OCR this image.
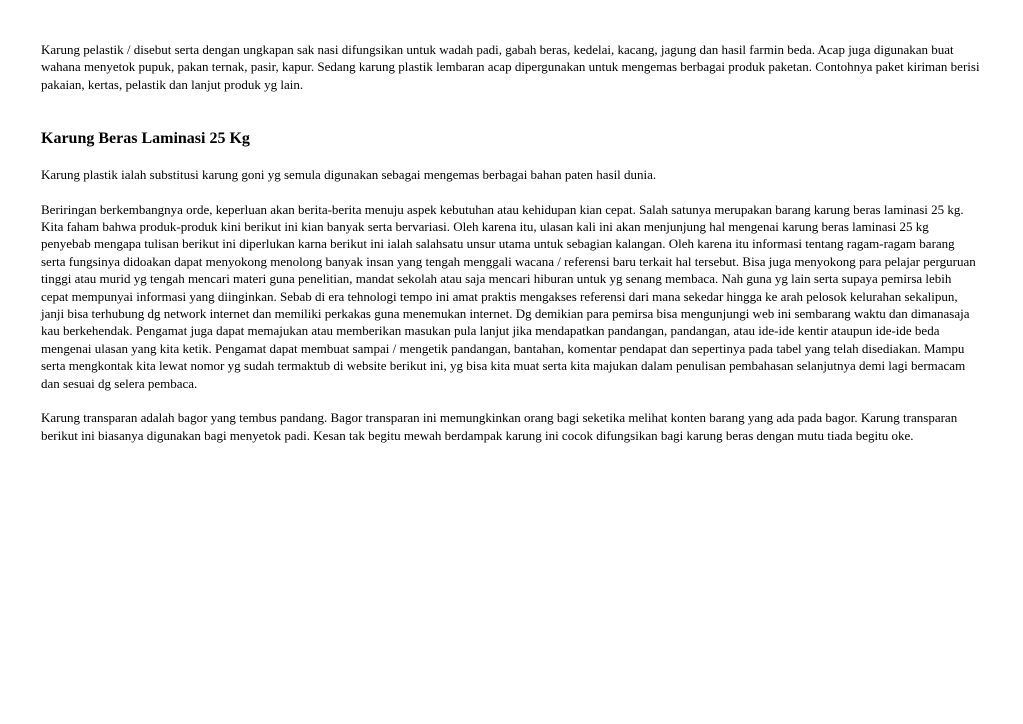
Karung pelastik / disebut serta dengan ungkapan sak nasi difungsikan untuk wadah padi, gabah beras, kedelai, kacang, jagung dan hasil farmin beda. Acap juga digunakan buat wahana menyetok pupuk, pakan ternak, pasir, kapur. Sedang karung plastik lembaran acap dipergunakan untuk mengemas berbagai produk paketan. Contohnya paket kiriman berisi pakaian, kertas, pelastik dan lanjut produk yg lain.

Karung Beras Laminasi 25 Kg

Karung plastik ialah substitusi karung goni yg semula digunakan sebagai mengemas berbagai bahan paten hasil dunia.

Beriringan berkembangnya orde, keperluan akan berita-berita menuju aspek kebutuhan atau kehidupan kian cepat. Salah satunya merupakan barang karung beras laminasi 25 kg. Kita faham bahwa produk-produk kini berikut ini kian banyak serta bervariasi. Oleh karena itu, ulasan kali ini akan menjunjung hal mengenai karung beras laminasi 25 kg penyebab mengapa tulisan berikut ini diperlukan karna berikut ini ialah salahsatu unsur utama untuk sebagian kalangan. Oleh karena itu informasi tentang ragam-ragam barang serta fungsinya didoakan dapat menyokong menolong banyak insan yang tengah menggali wacana / referensi baru terkait hal tersebut. Bisa juga menyokong para pelajar perguruan tinggi atau murid yg tengah mencari materi guna penelitian, mandat sekolah atau saja mencari hiburan untuk yg senang membaca. Nah guna yg lain serta supaya pemirsa lebih cepat mempunyai informasi yang diinginkan. Sebab di era tehnologi tempo ini amat praktis mengakses referensi dari mana sekedar hingga ke arah pelosok kelurahan sekalipun, janji bisa terhubung dg network internet dan memiliki perkakas guna menemukan internet. Dg demikian para pemirsa bisa mengunjungi web ini sembarang waktu dan dimanasaja kau berkehendak. Pengamat juga dapat memajukan atau memberikan masukan pula lanjut jika mendapatkan pandangan, pandangan, atau ide-ide kentir ataupun ide-ide beda mengenai ulasan yang kita ketik. Pengamat dapat membuat sampai / mengetik pandangan, bantahan, komentar pendapat dan sepertinya pada tabel yang telah disediakan. Mampu serta mengkontak kita lewat nomor yg sudah termaktub di website berikut ini, yg bisa kita muat serta kita majukan dalam penulisan pembahasan selanjutnya demi lagi bermacam dan sesuai dg selera pembaca.

Karung transparan adalah bagor yang tembus pandang. Bagor transparan ini memungkinkan orang bagi seketika melihat konten barang yang ada pada bagor. Karung transparan berikut ini biasanya digunakan bagi menyetok padi. Kesan tak begitu mewah berdampak karung ini cocok difungsikan bagi karung beras dengan mutu tiada begitu oke.
